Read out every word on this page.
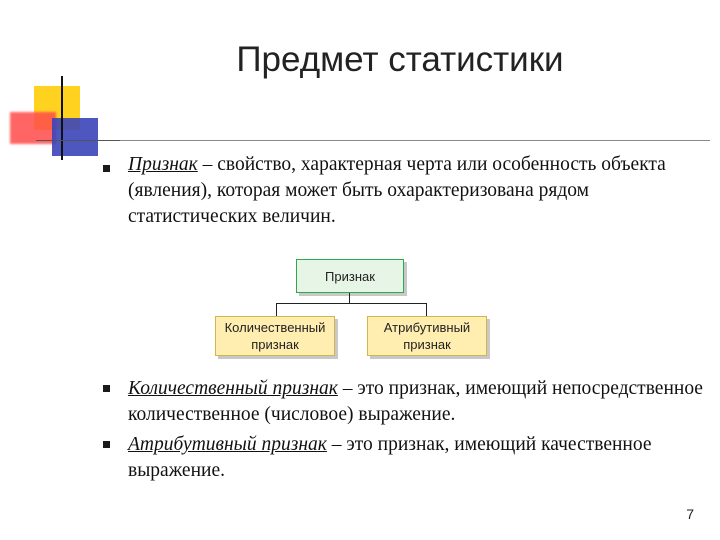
Предмет статистики
Признак – свойство, характерная черта или особенность объекта (явления), которая может быть охарактеризована рядом статистических величин.
Признак
Количественный признак
Атрибутивный признак
Количественный признак – это признак, имеющий непосредственное количественное (числовое) выражение.
Атрибутивный признак – это признак, имеющий качественное выражение.
7
